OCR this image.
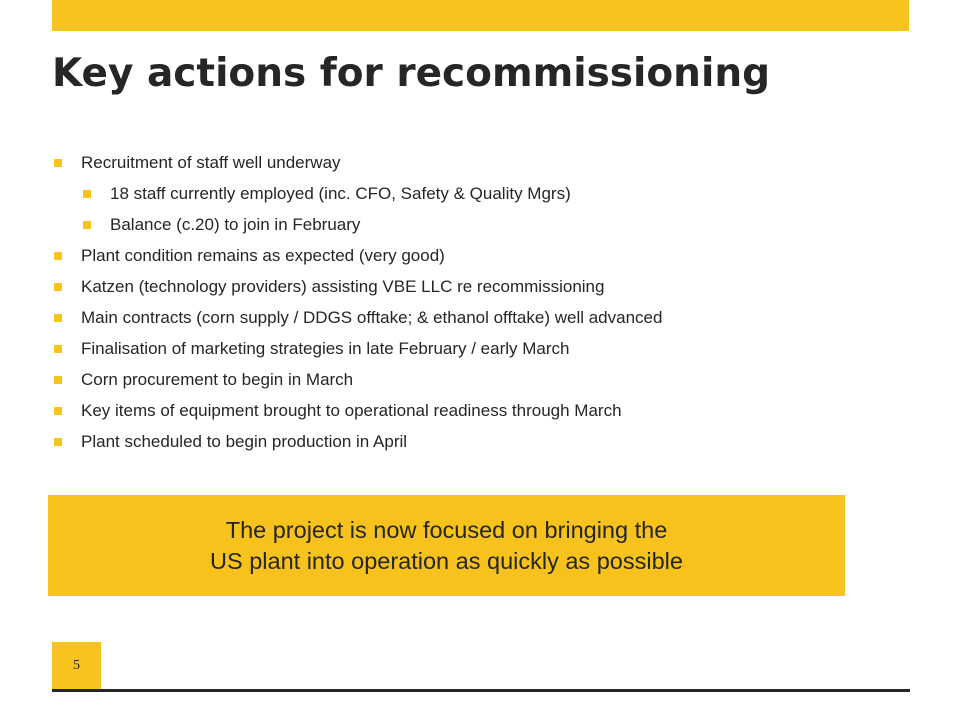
Key actions for recommissioning
Recruitment of staff well underway
18 staff currently employed (inc. CFO, Safety & Quality Mgrs)
Balance (c.20) to join in February
Plant condition remains as expected (very good)
Katzen (technology providers) assisting VBE LLC re recommissioning
Main contracts (corn supply / DDGS offtake; & ethanol offtake) well advanced
Finalisation of marketing strategies in late February / early March
Corn procurement to begin in March
Key items of equipment brought to operational readiness through March
Plant scheduled to begin production in April
The project is now focused on bringing the
US plant into operation as quickly as possible
5
